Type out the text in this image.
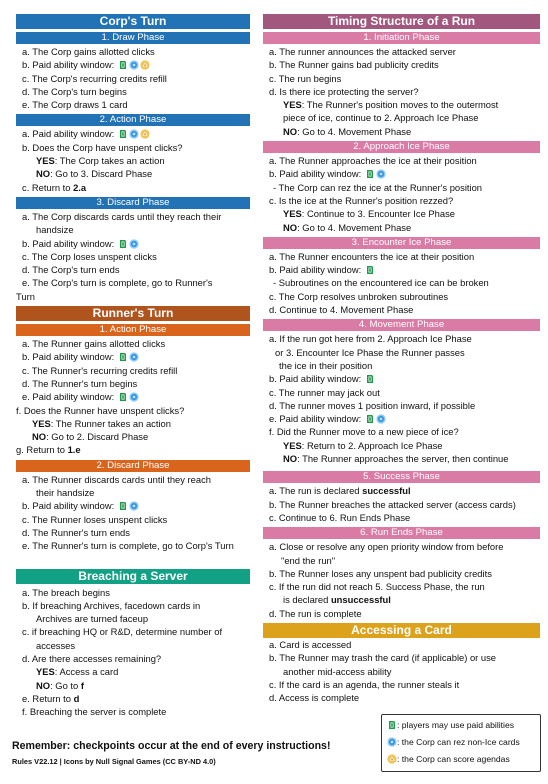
Corp's Turn
1. Draw Phase
a. The Corp gains allotted clicks
b. Paid ability window:
c. The Corp's recurring credits refill
d. The Corp's turn begins
e. The Corp draws 1 card
2. Action Phase
a. Paid ability window:
b. Does the Corp have unspent clicks?
YES: The Corp takes an action
NO: Go to 3. Discard Phase
c. Return to 2.a
3. Discard Phase
a. The Corp discards cards until they reach their
handsize
b. Paid ability window:
c. The Corp loses unspent clicks
d. The Corp's turn ends
e. The Corp's turn is complete, go to Runner's
Turn
Runner's Turn
1. Action Phase
a. The Runner gains allotted clicks
b. Paid ability window:
c. The Runner's recurring credits refill
d. The Runner's turn begins
e. Paid ability window:
f. Does the Runner have unspent clicks?
YES: The Runner takes an action
NO: Go to 2. Discard Phase
g. Return to 1.e
2. Discard Phase
a. The Runner discards cards until they reach
their handsize
b. Paid ability window:
c. The Runner loses unspent clicks
d. The Runner's turn ends
e. The Runner's turn is complete, go to Corp's Turn
Breaching a Server
a. The breach begins
b. If breaching Archives, facedown cards in
Archives are turned faceup
c. if breaching HQ or R&D, determine number of
accesses
d. Are there accesses remaining?
YES: Access a card
NO: Go to f
e. Return to d
f. Breaching the server is complete
Timing Structure of a Run
1. Initiation Phase
a. The runner announces the attacked server
b. The Runner gains bad publicity credits
c. The run begins
d. Is there ice protecting the server?
YES: The Runner's position moves to the outermost
piece of ice, continue to 2. Approach Ice Phase
NO: Go to 4. Movement Phase
2. Approach Ice Phase
a. The Runner approaches the ice at their position
b. Paid ability window:
- The Corp can rez the ice at the Runner's position
c. Is the ice at the Runner's position rezzed?
YES: Continue to 3. Encounter Ice Phase
NO: Go to 4. Movement Phase
3. Encounter Ice Phase
a. The Runner encounters the ice at their position
b. Paid ability window:
- Subroutines on the encountered ice can be broken
c. The Corp resolves unbroken subroutines
d. Continue to 4. Movement Phase
4. Movement Phase
a. If the run got here from 2. Approach Ice Phase
or 3. Encounter Ice Phase the Runner passes
the ice in their position
b. Paid ability window:
c. The runner may jack out
d. The runner moves 1 position inward, if possible
e. Paid ability window:
f. Did the Runner move to a new piece of ice?
YES: Return to 2. Approach Ice Phase
NO: The Runner approaches the server, then continue
5. Success Phase
a. The run is declared successful
b. The Runner breaches the attacked server (access cards)
c. Continue to 6. Run Ends Phase
6. Run Ends Phase
a. Close or resolve any open priority window from before
"end the run"
b. The Runner loses any unspent bad publicity credits
c. If the run did not reach 5. Success Phase, the run
is declared unsuccessful
d. The run is complete
Accessing a Card
a. Card is accessed
b. The Runner may trash the card (if applicable) or use
another mid-access ability
c. If the card is an agenda, the runner steals it
d. Access is complete
: players may use paid abilities
: the Corp can rez non-Ice cards
: the Corp can score agendas
Remember: checkpoints occur at the end of every instructions!
Rules V22.12 | Icons by Null Signal Games (CC BY-ND 4.0)
